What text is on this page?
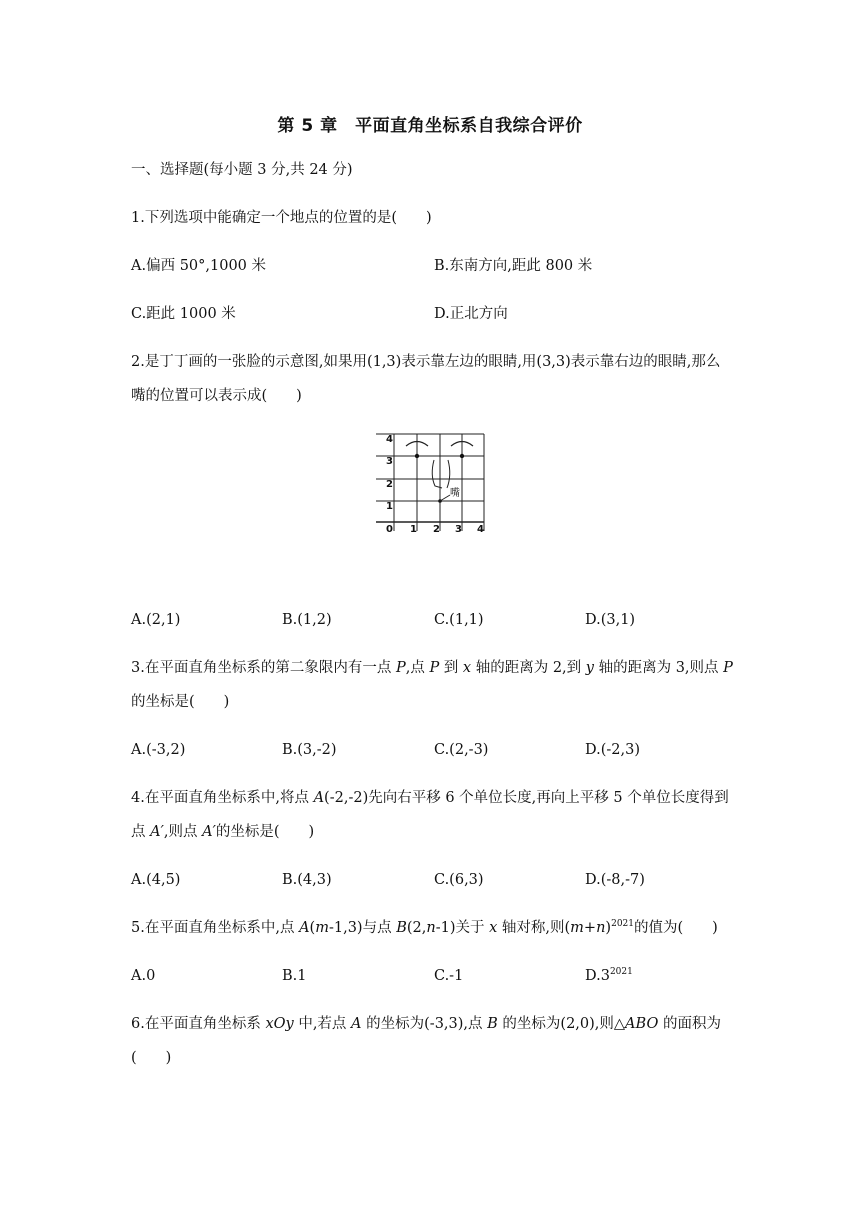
第 5 章　平面直角坐标系自我综合评价
一、选择题(每小题 3 分,共 24 分)
1.下列选项中能确定一个地点的位置的是(　　)
A.偏西 50°,1000 米	B.东南方向,距此 800 米
C.距此 1000 米	D.正北方向
2.是丁丁画的一张脸的示意图,如果用(1,3)表示靠左边的眼睛,用(3,3)表示靠右边的眼睛,那么
嘴的位置可以表示成(　　)
4
3
2
1
0 1 2 3 4
嘴
A.(2,1)	B.(1,2)	C.(1,1)	D.(3,1)
3.在平面直角坐标系的第二象限内有一点 P,点 P 到 x 轴的距离为 2,到 y 轴的距离为 3,则点 P
的坐标是(　　)
A.(-3,2)	B.(3,-2)	C.(2,-3)	D.(-2,3)
4.在平面直角坐标系中,将点 A(-2,-2)先向右平移 6 个单位长度,再向上平移 5 个单位长度得到
点 A′,则点 A′的坐标是(　　)
A.(4,5)	B.(4,3)	C.(6,3)	D.(-8,-7)
5.在平面直角坐标系中,点 A(m-1,3)与点 B(2,n-1)关于 x 轴对称,则$(m+n)^{2021}$的值为(　　)
A.0	B.1	C.-1	$D.3^{2021}$
6.在平面直角坐标系 xOy 中,若点 A 的坐标为(-3,3),点 B 的坐标为(2,0),则△ABO 的面积为
(　　)
